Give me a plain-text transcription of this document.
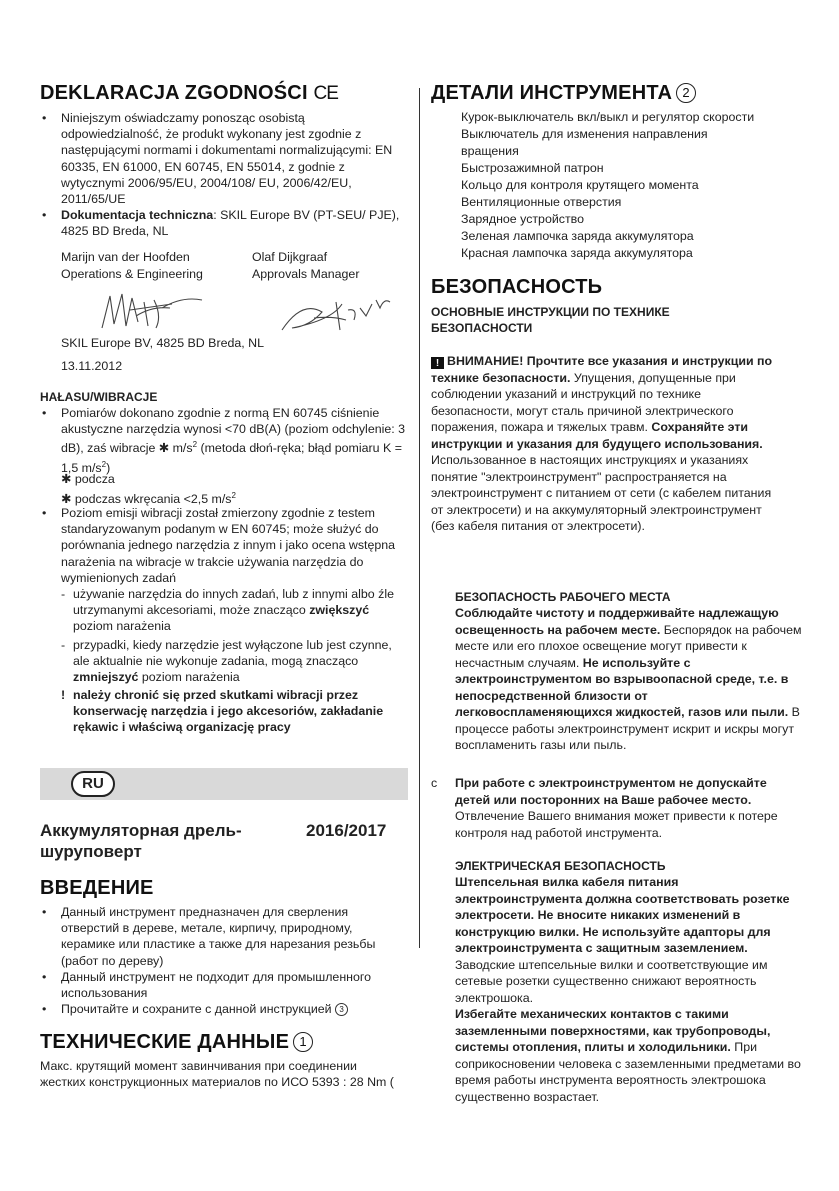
DEKLARACJA ZGODNOŚCI CE
• Niniejszym oświadczamy ponosząc osobistą odpowiedzialność, że produkt wykonany jest zgodnie z następującymi normami i dokumentami normalizującymi: EN 60335, EN 61000, EN 60745, EN 55014, z godnie z wytycznymi 2006/95/EU, 2004/108/ EU, 2006/42/EU, 2011/65/UE
• Dokumentacja techniczna: SKIL Europe BV (PT-SEU/ PJE), 4825 BD Breda, NL
Marijn van der Hoofden
Operations & Engineering
Olaf Dijkgraaf
Approvals Manager
SKIL Europe BV, 4825 BD Breda, NL
13.11.2012
HAŁASU/WIBRACJE
• Pomiarów dokonano zgodnie z normą EN 60745 ciśnienie akustyczne narzędzia wynosi <70 dB(A) (poziom odchylenie: 3 dB), zaś wibracje ✱ $m/s^2$ (metoda dłoń-ręka; błąd pomiaru K = 1,5 $m/s^2$)
✱ podcza
✱ podczas wkręcania <2,5 $m/s^2$
• Poziom emisji wibracji został zmierzony zgodnie z testem standaryzowanym podanym w EN 60745; może służyć do porównania jednego narzędzia z innym i jako ocena wstępna narażenia na wibracje w trakcie używania narzędzia do wymienionych zadań
- używanie narzędzia do innych zadań, lub z innymi albo źle utrzymanymi akcesoriami, może znacząco zwiększyć poziom narażenia
- przypadki, kiedy narzędzie jest wyłączone lub jest czynne, ale aktualnie nie wykonuje zadania, mogą znacząco zmniejszyć poziom narażenia
! należy chronić się przed skutkami wibracji przez konserwację narzędzia i jego akcesoriów, zakładanie rękawic i właściwą organizację pracy
RU
Аккумуляторная дрель-шуруповерт
2016/2017
ВВЕДЕНИЕ
• Данный инструмент предназначен для сверления отверстий в дереве, метале, кирпичу, природному, керамике или пластике а также для нарезания резьбы (работ по дереву)
• Данный инструмент не подходит для промышленного использования
• Прочитайте и сохраните с данной инструкцией 3
ТЕХНИЧЕСКИЕ ДАННЫЕ 1
Макс. крутящий момент завинчивания при соединении жестких конструкционных материалов по ИСО 5393 : 28 Nm (
ДЕТАЛИ ИНСТРУМЕНТА 2
Курок-выключатель вкл/выкл и регулятор скорости
Выключатель для изменения направления
вращения
Быстрозажимной патрон
Кольцо для контроля крутящего момента
Вентиляционные отверстия
Зарядное устройство
Зеленая лампочка заряда аккумулятора
Красная лампочка заряда аккумулятора
БЕЗОПАСНОСТЬ
ОСНОВНЫЕ ИНСТРУКЦИИ ПО ТЕХНИКЕ БЕЗОПАСНОСТИ
! ВНИМАНИЕ! Прочтите все указания и инструкции по технике безопасности. Упущения, допущенные при соблюдении указаний и инструкций по технике безопасности, могут сталь причиной электрического поражения, пожара и тяжелых травм. Сохраняйте эти инструкции и указания для будущего использования. Использованное в настоящих инструкциях и указаниях понятие "электроинструмент" распространяется на электроинструмент с питанием от сети (с кабелем питания от электросети) и на аккумуляторный электроинструмент (без кабеля питания от электросети).
БЕЗОПАСНОСТЬ РАБОЧЕГО МЕСТА
Соблюдайте чистоту и поддерживайте надлежащую освещенность на рабочем месте. Беспорядок на рабочем месте или его плохое освещение могут привести к несчастным случаям. Не используйте с электроинструментом во взрывоопасной среде, т.е. в непосредственной близости от легковоспламеняющихся жидкостей, газов или пыли. В процессе работы электроинструмент искрит и искры могут воспламенить газы или пыль.
c При работе с электроинструментом не допускайте детей или посторонних на Ваше рабочее место. Отвлечение Вашего внимания может привести к потере контроля над работой инструмента.
ЭЛЕКТРИЧЕСКАЯ БЕЗОПАСНОСТЬ
Штепсельная вилка кабеля питания электроинструмента должна соответствовать розетке электросети. Не вносите никаких изменений в конструкцию вилки. Не используйте адапторы для электроинструмента с защитным заземлением. Заводские штепсельные вилки и соответствующие им сетевые розетки существенно снижают вероятность электрошока.
Избегайте механических контактов с такими заземленными поверхностями, как трубопроводы, системы отопления, плиты и холодильники. При соприкосновении человека с заземленными предметами во время работы инструмента вероятность электрошока существенно возрастает.
